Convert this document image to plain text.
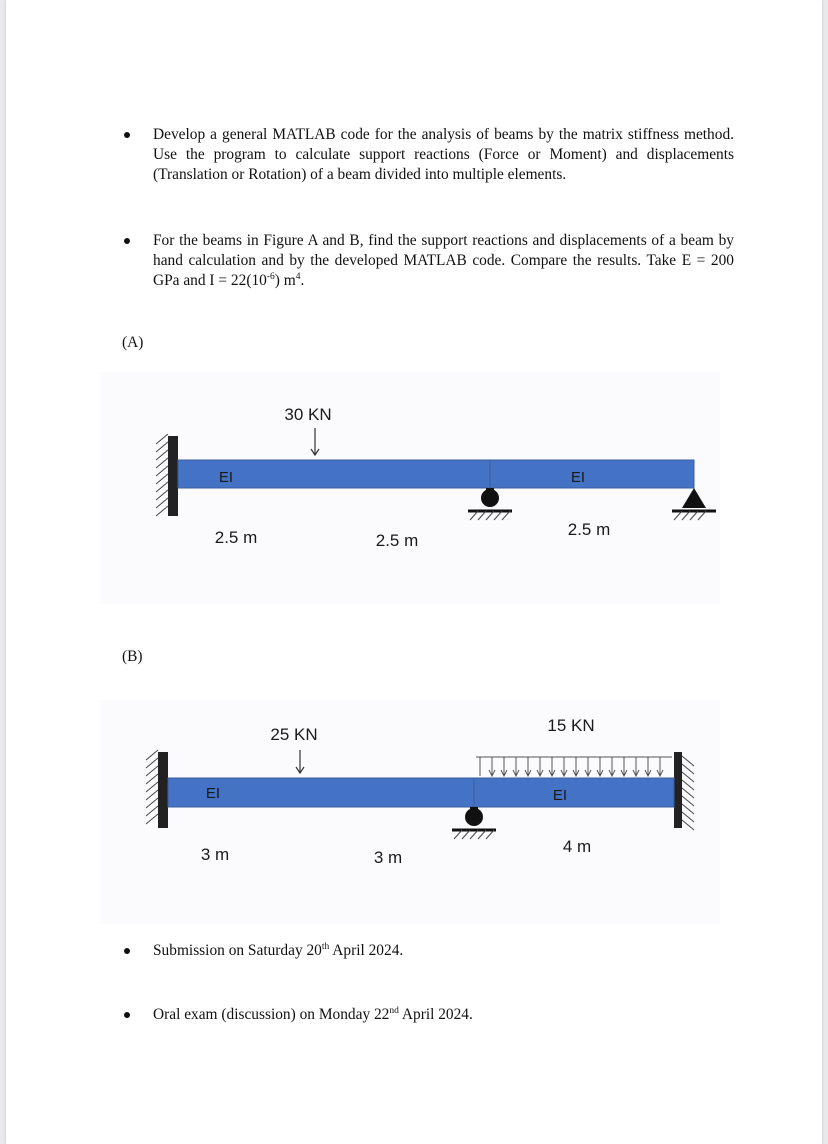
Develop a general MATLAB code for the analysis of beams by the matrix stiffness method. Use the program to calculate support reactions (Force or Moment) and displacements (Translation or Rotation) of a beam divided into multiple elements.
For the beams in Figure A and B, find the support reactions and displacements of a beam by hand calculation and by the developed MATLAB code. Compare the results. Take E = 200 GPa and $I = 22(10^{-6})$ $m^4$.
(A)
30 KN
EI	EI
2.5 m	2.5 m
2.5 m
(B)
25 KN	15 KN
EI	EI
3 m	3 m
4 m
Submission on Saturday 20th April 2024.
Oral exam (discussion) on Monday 22nd April 2024.
